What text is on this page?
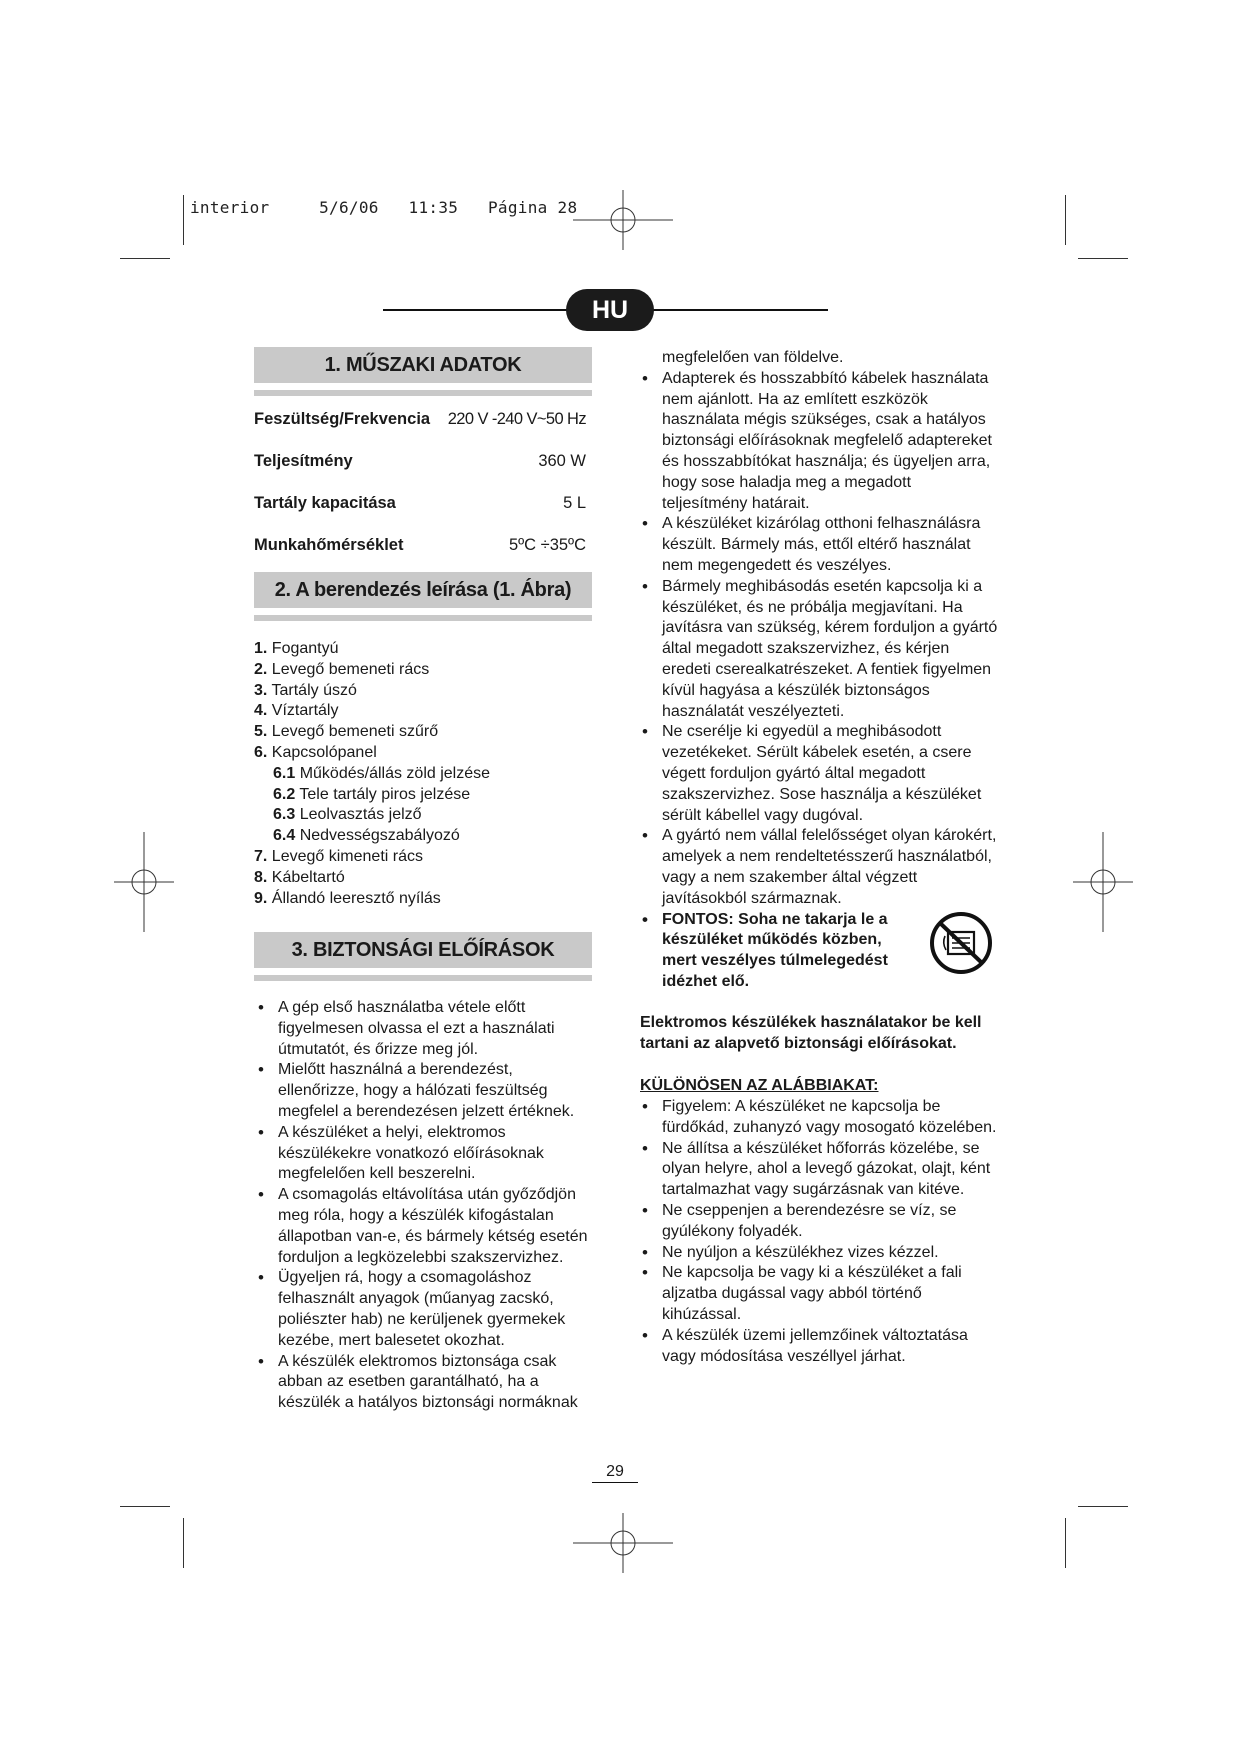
interior     5/6/06   11:35   Página 28
HU
1. MŰSZAKI ADATOK
Feszültség/Frekvencia 220 V -240 V~50 Hz
Teljesítmény	360 W
Tartály kapacitása	5 L
Munkahőmérséklet	5ºC ÷35ºC
2. A berendezés leírása (1. Ábra)
1. Fogantyú
2. Levegő bemeneti rács
3. Tartály úszó
4. Víztartály
5. Levegő bemeneti szűrő
6. Kapcsolópanel
6.1 Működés/állás zöld jelzése
6.2 Tele tartály piros jelzése
6.3 Leolvasztás jelző
6.4 Nedvességszabályozó
7. Levegő kimeneti rács
8. Kábeltartó
9. Állandó leeresztő nyílás
3. BIZTONSÁGI ELŐÍRÁSOK
• A gép első használatba vétele előtt figyelmesen olvassa el ezt a használati útmutatót, és őrizze meg jól.
• Mielőtt használná a berendezést, ellenőrizze, hogy a hálózati feszültség megfelel a berendezésen jelzett értéknek.
• A készüléket a helyi, elektromos készülékekre vonatkozó előírásoknak megfelelően kell beszerelni.
• A csomagolás eltávolítása után győződjön meg róla, hogy a készülék kifogástalan állapotban van-e, és bármely kétség esetén forduljon a legközelebbi szakszervizhez.
• Ügyeljen rá, hogy a csomagoláshoz felhasznált anyagok (műanyag zacskó, poliészter hab) ne kerüljenek gyermekek kezébe, mert balesetet okozhat.
• A készülék elektromos biztonsága csak abban az esetben garantálható, ha a készülék a hatályos biztonsági normáknak
megfelelően van földelve.
• Adapterek és hosszabbító kábelek használata nem ajánlott. Ha az említett eszközök használata mégis szükséges, csak a hatályos biztonsági előírásoknak megfelelő adaptereket és hosszabbítókat használja; és ügyeljen arra, hogy sose haladja meg a megadott teljesítmény határait.
• A készüléket kizárólag otthoni felhasználásra készült. Bármely más, ettől eltérő használat nem megengedett és veszélyes.
• Bármely meghibásodás esetén kapcsolja ki a készüléket, és ne próbálja megjavítani. Ha javításra van szükség, kérem forduljon a gyártó által megadott szakszervizhez, és kérjen eredeti cserealkatrészeket. A fentiek figyelmen kívül hagyása a készülék biztonságos használatát veszélyezteti.
• Ne cserélje ki egyedül a meghibásodott vezetékeket. Sérült kábelek esetén, a csere végett forduljon gyártó által megadott szakszervizhez. Sose használja a készüléket sérült kábellel vagy dugóval.
• A gyártó nem vállal felelősséget olyan károkért, amelyek a nem rendeltetésszerű használatból, vagy a nem szakember által végzett javításokból származnak.
• FONTOS: Soha ne takarja le a készüléket működés közben, mert veszélyes túlmelegedést idézhet elő.
Elektromos készülékek használatakor be kell tartani az alapvető biztonsági előírásokat.
KÜLÖNÖSEN AZ ALÁBBIAKAT:
• Figyelem: A készüléket ne kapcsolja be fürdőkád, zuhanyzó vagy mosogató közelében.
• Ne állítsa a készüléket hőforrás közelébe, se olyan helyre, ahol a levegő gázokat, olajt, ként tartalmazhat vagy sugárzásnak van kitéve.
• Ne cseppenjen a berendezésre se víz, se gyúlékony folyadék.
• Ne nyúljon a készülékhez vizes kézzel.
• Ne kapcsolja be vagy ki a készüléket a fali aljzatba dugással vagy abból történő kihúzással.
• A készülék üzemi jellemzőinek változtatása vagy módosítása veszéllyel járhat.
29
